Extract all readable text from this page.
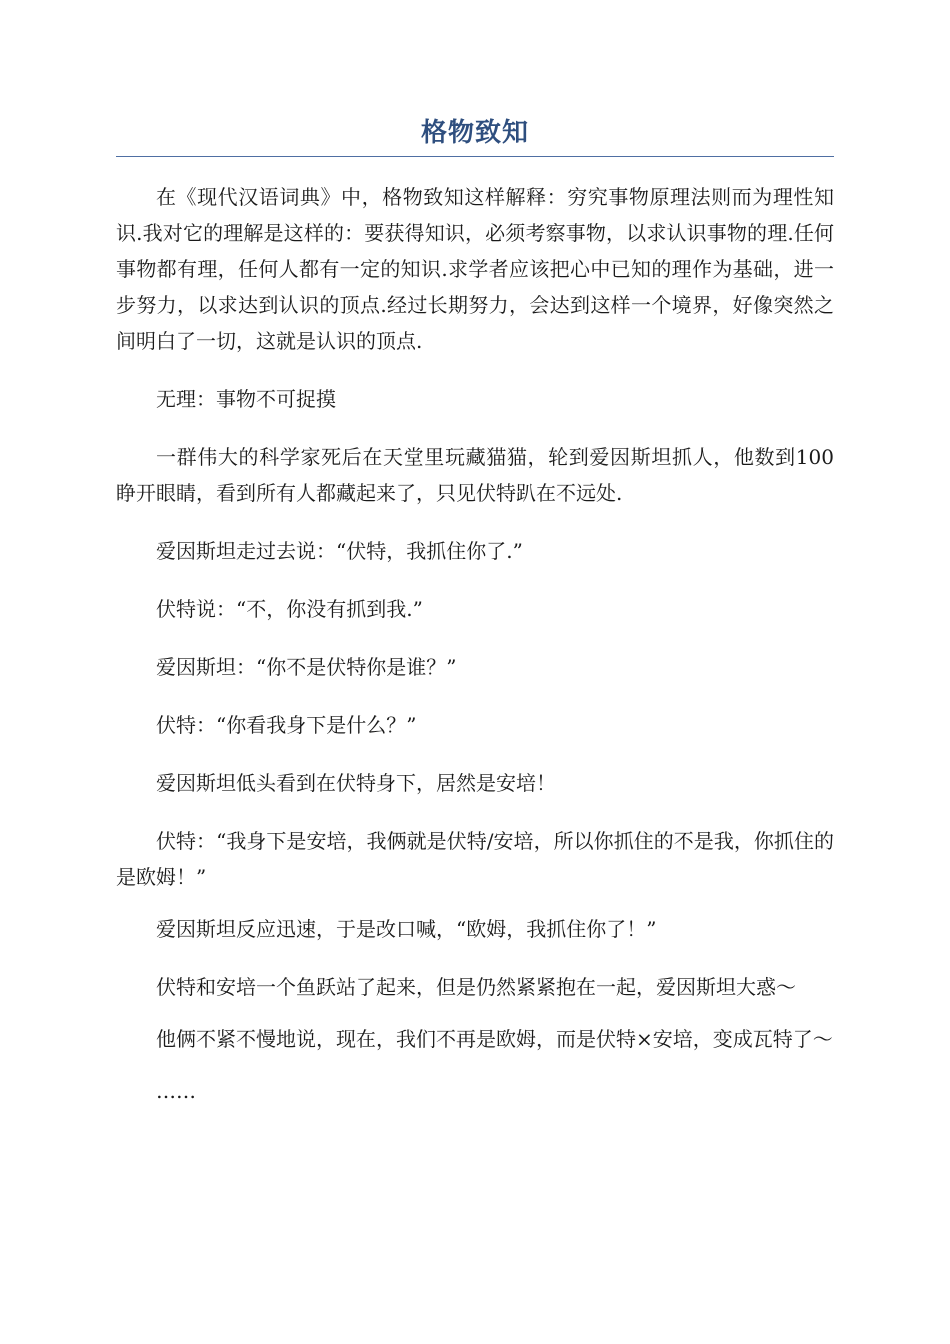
格物致知

在《现代汉语词典》中，格物致知这样解释：穷究事物原理法则而为理性知识.我对它的理解是这样的：要获得知识，必须考察事物，以求认识事物的理.任何事物都有理，任何人都有一定的知识.求学者应该把心中已知的理作为基础，进一步努力，以求达到认识的顶点.经过长期努力，会达到这样一个境界，好像突然之间明白了一切，这就是认识的顶点.

无理：事物不可捉摸

一群伟大的科学家死后在天堂里玩藏猫猫，轮到爱因斯坦抓人，他数到100睁开眼睛，看到所有人都藏起来了，只见伏特趴在不远处.

爱因斯坦走过去说：“伏特，我抓住你了.”

伏特说：“不，你没有抓到我.”

爱因斯坦：“你不是伏特你是谁？”

伏特：“你看我身下是什么？”

爱因斯坦低头看到在伏特身下，居然是安培！

伏特：“我身下是安培，我俩就是伏特/安培，所以你抓住的不是我，你抓住的是欧姆！”

爱因斯坦反应迅速，于是改口喊，“欧姆，我抓住你了！”

伏特和安培一个鱼跃站了起来，但是仍然紧紧抱在一起，爱因斯坦大惑～

他俩不紧不慢地说，现在，我们不再是欧姆，而是伏特×安培，变成瓦特了～

……
